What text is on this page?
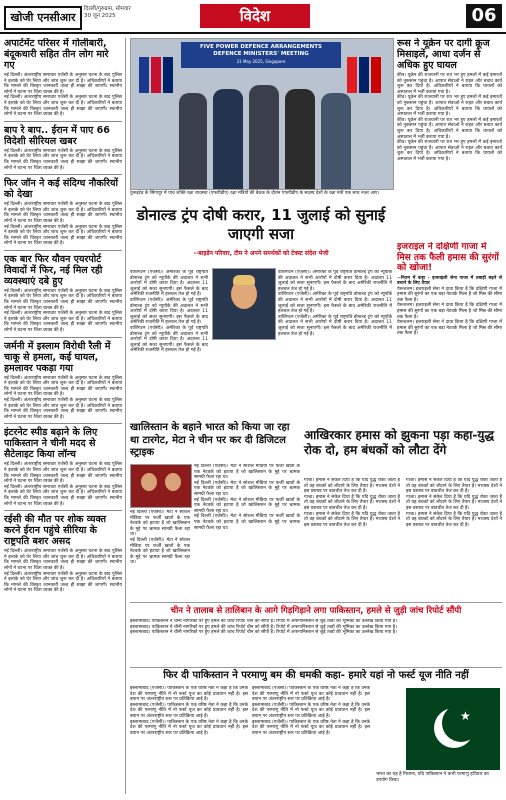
खोजी एनसीआर
दिल्ली/गुरुग्राम, सोमवार
30 जून 2025	विदेश	06
अपार्टमेंट परिसर में गोलीबारी, बंदूकधारी सहित तीन लोग मारे गए
नई दिल्ली। अंतरराष्ट्रीय समाचार एजेंसी के अनुसार घटना के बाद पुलिस ने इलाके को घेर लिया और जांच शुरू कर दी है। अधिकारियों ने बताया कि मामले की विस्तृत जानकारी जल्द ही साझा की जाएगी। स्थानीय लोगों ने घटना पर चिंता व्यक्त की है।
नई दिल्ली। अंतरराष्ट्रीय समाचार एजेंसी के अनुसार घटना के बाद पुलिस ने इलाके को घेर लिया और जांच शुरू कर दी है। अधिकारियों ने बताया कि मामले की विस्तृत जानकारी जल्द ही साझा की जाएगी। स्थानीय लोगों ने घटना पर चिंता व्यक्त की है।
बाप रे बाप.. ईरान में पाए 66 विदेशी सीरियल खबर
नई दिल्ली। अंतरराष्ट्रीय समाचार एजेंसी के अनुसार घटना के बाद पुलिस ने इलाके को घेर लिया और जांच शुरू कर दी है। अधिकारियों ने बताया कि मामले की विस्तृत जानकारी जल्द ही साझा की जाएगी। स्थानीय लोगों ने घटना पर चिंता व्यक्त की है।
फिर जॉन ने कई संदिग्ध नौकरियों को देखा
नई दिल्ली। अंतरराष्ट्रीय समाचार एजेंसी के अनुसार घटना के बाद पुलिस ने इलाके को घेर लिया और जांच शुरू कर दी है। अधिकारियों ने बताया कि मामले की विस्तृत जानकारी जल्द ही साझा की जाएगी। स्थानीय लोगों ने घटना पर चिंता व्यक्त की है।
नई दिल्ली। अंतरराष्ट्रीय समाचार एजेंसी के अनुसार घटना के बाद पुलिस ने इलाके को घेर लिया और जांच शुरू कर दी है। अधिकारियों ने बताया कि मामले की विस्तृत जानकारी जल्द ही साझा की जाएगी। स्थानीय लोगों ने घटना पर चिंता व्यक्त की है।
एक बार फिर यौवन एयरपोर्ट विवादों में फिर, नई मिल रही व्यवस्थाएं दबे हुए
नई दिल्ली। अंतरराष्ट्रीय समाचार एजेंसी के अनुसार घटना के बाद पुलिस ने इलाके को घेर लिया और जांच शुरू कर दी है। अधिकारियों ने बताया कि मामले की विस्तृत जानकारी जल्द ही साझा की जाएगी। स्थानीय लोगों ने घटना पर चिंता व्यक्त की है।
नई दिल्ली। अंतरराष्ट्रीय समाचार एजेंसी के अनुसार घटना के बाद पुलिस ने इलाके को घेर लिया और जांच शुरू कर दी है। अधिकारियों ने बताया कि मामले की विस्तृत जानकारी जल्द ही साझा की जाएगी। स्थानीय लोगों ने घटना पर चिंता व्यक्त की है।
जर्मनी में इस्लाम विरोधी रैली में चाकू से हमला, कई घायल, हमलावर पकड़ा गया
नई दिल्ली। अंतरराष्ट्रीय समाचार एजेंसी के अनुसार घटना के बाद पुलिस ने इलाके को घेर लिया और जांच शुरू कर दी है। अधिकारियों ने बताया कि मामले की विस्तृत जानकारी जल्द ही साझा की जाएगी। स्थानीय लोगों ने घटना पर चिंता व्यक्त की है।
नई दिल्ली। अंतरराष्ट्रीय समाचार एजेंसी के अनुसार घटना के बाद पुलिस ने इलाके को घेर लिया और जांच शुरू कर दी है। अधिकारियों ने बताया कि मामले की विस्तृत जानकारी जल्द ही साझा की जाएगी। स्थानीय लोगों ने घटना पर चिंता व्यक्त की है।
इंटरनेट स्पीड बढ़ाने के लिए पाकिस्तान ने चीनी मदद से सैटेलाइट किया लॉन्च
नई दिल्ली। अंतरराष्ट्रीय समाचार एजेंसी के अनुसार घटना के बाद पुलिस ने इलाके को घेर लिया और जांच शुरू कर दी है। अधिकारियों ने बताया कि मामले की विस्तृत जानकारी जल्द ही साझा की जाएगी। स्थानीय लोगों ने घटना पर चिंता व्यक्त की है।
नई दिल्ली। अंतरराष्ट्रीय समाचार एजेंसी के अनुसार घटना के बाद पुलिस ने इलाके को घेर लिया और जांच शुरू कर दी है। अधिकारियों ने बताया कि मामले की विस्तृत जानकारी जल्द ही साझा की जाएगी। स्थानीय लोगों ने घटना पर चिंता व्यक्त की है।
रईसी की मौत पर शोक व्यक्त करने ईरान पहुंचे सीरिया के राष्ट्रपति बशर असद
नई दिल्ली। अंतरराष्ट्रीय समाचार एजेंसी के अनुसार घटना के बाद पुलिस ने इलाके को घेर लिया और जांच शुरू कर दी है। अधिकारियों ने बताया कि मामले की विस्तृत जानकारी जल्द ही साझा की जाएगी। स्थानीय लोगों ने घटना पर चिंता व्यक्त की है।
नई दिल्ली। अंतरराष्ट्रीय समाचार एजेंसी के अनुसार घटना के बाद पुलिस ने इलाके को घेर लिया और जांच शुरू कर दी है। अधिकारियों ने बताया कि मामले की विस्तृत जानकारी जल्द ही साझा की जाएगी। स्थानीय लोगों ने घटना पर चिंता व्यक्त की है।
FIVE POWER DEFENCE ARRANGEMENTS
DEFENCE MINISTERS' MEETING
31 May 2025, Singapore
युनाइटेड के सिंगापुर में पांच शक्ति रक्षा व्यवस्था (एफपीडीए) रक्षा मंत्रियों की बैठक के दौरान एफपीडीए के सदस्य देशों के रक्षा मंत्री एक साथ नज़र आए।
रूस ने यूक्रेन पर दागी क्रूज मिसाइलें, आधा दर्जन से अधिक हुए घायल
कीव। यूक्रेन की राजधानी पर रात भर हुए हमलों में कई इमारतों को नुकसान पहुंचा है। आपात सेवाओं ने राहत और बचाव कार्य शुरू कर दिया है। अधिकारियों ने बताया कि घायलों को अस्पताल में भर्ती कराया गया है।
कीव। यूक्रेन की राजधानी पर रात भर हुए हमलों में कई इमारतों को नुकसान पहुंचा है। आपात सेवाओं ने राहत और बचाव कार्य शुरू कर दिया है। अधिकारियों ने बताया कि घायलों को अस्पताल में भर्ती कराया गया है।
कीव। यूक्रेन की राजधानी पर रात भर हुए हमलों में कई इमारतों को नुकसान पहुंचा है। आपात सेवाओं ने राहत और बचाव कार्य शुरू कर दिया है। अधिकारियों ने बताया कि घायलों को अस्पताल में भर्ती कराया गया है।
कीव। यूक्रेन की राजधानी पर रात भर हुए हमलों में कई इमारतों को नुकसान पहुंचा है। आपात सेवाओं ने राहत और बचाव कार्य शुरू कर दिया है। अधिकारियों ने बताया कि घायलों को अस्पताल में भर्ती कराया गया है।
डोनाल्ड ट्रंप दोषी करार, 11 जुलाई को सुनाई जाएगी सजा
--बाइडेन परिवार, टीम ने अपने समर्थकों को टेक्स्ट संदेश भेजी
वाशिंगटन (एजेंसी)। अमेरिका के पूर्व राष्ट्रपति डोनाल्ड ट्रंप को न्यूयॉर्क की अदालत ने सभी आरोपों में दोषी करार दिया है। अदालत 11 जुलाई को सजा सुनाएगी। इस फैसले के बाद अमेरिकी राजनीति में हलचल तेज हो गई है।
वाशिंगटन (एजेंसी)। अमेरिका के पूर्व राष्ट्रपति डोनाल्ड ट्रंप को न्यूयॉर्क की अदालत ने सभी आरोपों में दोषी करार दिया है। अदालत 11 जुलाई को सजा सुनाएगी। इस फैसले के बाद अमेरिकी राजनीति में हलचल तेज हो गई है।
वाशिंगटन (एजेंसी)। अमेरिका के पूर्व राष्ट्रपति डोनाल्ड ट्रंप को न्यूयॉर्क की अदालत ने सभी आरोपों में दोषी करार दिया है। अदालत 11 जुलाई को सजा सुनाएगी। इस फैसले के बाद अमेरिकी राजनीति में हलचल तेज हो गई है।
वाशिंगटन (एजेंसी)। अमेरिका के पूर्व राष्ट्रपति डोनाल्ड ट्रंप को न्यूयॉर्क की अदालत ने सभी आरोपों में दोषी करार दिया है। अदालत 11 जुलाई को सजा सुनाएगी। इस फैसले के बाद अमेरिकी राजनीति में हलचल तेज हो गई है।
वाशिंगटन (एजेंसी)। अमेरिका के पूर्व राष्ट्रपति डोनाल्ड ट्रंप को न्यूयॉर्क की अदालत ने सभी आरोपों में दोषी करार दिया है। अदालत 11 जुलाई को सजा सुनाएगी। इस फैसले के बाद अमेरिकी राजनीति में हलचल तेज हो गई है।
वाशिंगटन (एजेंसी)। अमेरिका के पूर्व राष्ट्रपति डोनाल्ड ट्रंप को न्यूयॉर्क की अदालत ने सभी आरोपों में दोषी करार दिया है। अदालत 11 जुलाई को सजा सुनाएगी। इस फैसले के बाद अमेरिकी राजनीति में हलचल तेज हो गई है।
इजराइल ने दक्षिणी गाजा में मिस तक फैली हमास की सुरंगों को खोजा!
--नियम में कहा - इजराइली सेना गाजा में तबाही बढ़ने से बचाने के लिए तैयार
येरूशलम। इजराइली सेना ने दावा किया है कि दक्षिणी गाजा में हमास की सुरंगों का एक बड़ा नेटवर्क मिला है जो मिस्र की सीमा तक फैला है।
येरूशलम। इजराइली सेना ने दावा किया है कि दक्षिणी गाजा में हमास की सुरंगों का एक बड़ा नेटवर्क मिला है जो मिस्र की सीमा तक फैला है।
येरूशलम। इजराइली सेना ने दावा किया है कि दक्षिणी गाजा में हमास की सुरंगों का एक बड़ा नेटवर्क मिला है जो मिस्र की सीमा तक फैला है।
खालिस्तान के बहाने भारत को किया जा रहा था टारगेट, मेटा ने चीन पर कर दी डिजिटल स्ट्राइक
नई दिल्ली (एजेंसी)। मेटा ने सोशल मीडिया पर फर्जी खातों के एक नेटवर्क को हटाया है जो खालिस्तान के मुद्दे पर भ्रामक सामग्री फैला रहा था।
नई दिल्ली (एजेंसी)। मेटा ने सोशल मीडिया पर फर्जी खातों के एक नेटवर्क को हटाया है जो खालिस्तान के मुद्दे पर भ्रामक सामग्री फैला रहा था।
नई दिल्ली (एजेंसी)। मेटा ने सोशल मीडिया पर फर्जी खातों के एक नेटवर्क को हटाया है जो खालिस्तान के मुद्दे पर भ्रामक सामग्री फैला रहा था।
नई दिल्ली (एजेंसी)। मेटा ने सोशल मीडिया पर फर्जी खातों के एक नेटवर्क को हटाया है जो खालिस्तान के मुद्दे पर भ्रामक सामग्री फैला रहा था।
नई दिल्ली (एजेंसी)। मेटा ने सोशल मीडिया पर फर्जी खातों के एक नेटवर्क को हटाया है जो खालिस्तान के मुद्दे पर भ्रामक सामग्री फैला रहा था।
नई दिल्ली (एजेंसी)। मेटा ने सोशल मीडिया पर फर्जी खातों के एक नेटवर्क को हटाया है जो खालिस्तान के मुद्दे पर भ्रामक सामग्री फैला रहा था।
आखिरकार हमास को झुकना पड़ा कहा-युद्ध रोक दो, हम बंधकों को लौटा देंगे
गाजा। हमास ने संकेत दिया है कि यदि युद्ध रोका जाता है तो वह बंधकों को लौटाने के लिए तैयार है। मध्यस्थ देशों ने इस प्रस्ताव पर बातचीत तेज कर दी है।
गाजा। हमास ने संकेत दिया है कि यदि युद्ध रोका जाता है तो वह बंधकों को लौटाने के लिए तैयार है। मध्यस्थ देशों ने इस प्रस्ताव पर बातचीत तेज कर दी है।
गाजा। हमास ने संकेत दिया है कि यदि युद्ध रोका जाता है तो वह बंधकों को लौटाने के लिए तैयार है। मध्यस्थ देशों ने इस प्रस्ताव पर बातचीत तेज कर दी है।
गाजा। हमास ने संकेत दिया है कि यदि युद्ध रोका जाता है तो वह बंधकों को लौटाने के लिए तैयार है। मध्यस्थ देशों ने इस प्रस्ताव पर बातचीत तेज कर दी है।
गाजा। हमास ने संकेत दिया है कि यदि युद्ध रोका जाता है तो वह बंधकों को लौटाने के लिए तैयार है। मध्यस्थ देशों ने इस प्रस्ताव पर बातचीत तेज कर दी है।
गाजा। हमास ने संकेत दिया है कि यदि युद्ध रोका जाता है तो वह बंधकों को लौटाने के लिए तैयार है। मध्यस्थ देशों ने इस प्रस्ताव पर बातचीत तेज कर दी है।
चीन ने तालाब से तालिबान के आगे गिड़गिड़ाने लगा पाकिस्तान, हमले से जुड़ी जांच रिपोर्ट सौंपी
इस्लामाबाद। पाकिस्तान ने चीनी नागरिकों पर हुए हमले की जांच रिपोर्ट चीन को सौंपी है। रिपोर्ट में अफगानिस्तान से जुड़े तत्वों की भूमिका का उल्लेख किया गया है।
इस्लामाबाद। पाकिस्तान ने चीनी नागरिकों पर हुए हमले की जांच रिपोर्ट चीन को सौंपी है। रिपोर्ट में अफगानिस्तान से जुड़े तत्वों की भूमिका का उल्लेख किया गया है।
इस्लामाबाद। पाकिस्तान ने चीनी नागरिकों पर हुए हमले की जांच रिपोर्ट चीन को सौंपी है। रिपोर्ट में अफगानिस्तान से जुड़े तत्वों की भूमिका का उल्लेख किया गया है।
फिर दी पाकिस्तान ने परमाणु बम की धमकी कहा- हमारे यहां नो फर्स्ट यूज नीति नहीं
इस्लामाबाद (एजेंसी)। पाकिस्तान के एक वरिष्ठ नेता ने कहा है कि उनके देश की परमाणु नीति में नो फर्स्ट यूज का कोई प्रावधान नहीं है। इस बयान पर अंतरराष्ट्रीय स्तर पर प्रतिक्रिया आई है।
इस्लामाबाद (एजेंसी)। पाकिस्तान के एक वरिष्ठ नेता ने कहा है कि उनके देश की परमाणु नीति में नो फर्स्ट यूज का कोई प्रावधान नहीं है। इस बयान पर अंतरराष्ट्रीय स्तर पर प्रतिक्रिया आई है।
इस्लामाबाद (एजेंसी)। पाकिस्तान के एक वरिष्ठ नेता ने कहा है कि उनके देश की परमाणु नीति में नो फर्स्ट यूज का कोई प्रावधान नहीं है। इस बयान पर अंतरराष्ट्रीय स्तर पर प्रतिक्रिया आई है।
इस्लामाबाद (एजेंसी)। पाकिस्तान के एक वरिष्ठ नेता ने कहा है कि उनके देश की परमाणु नीति में नो फर्स्ट यूज का कोई प्रावधान नहीं है। इस बयान पर अंतरराष्ट्रीय स्तर पर प्रतिक्रिया आई है।
इस्लामाबाद (एजेंसी)। पाकिस्तान के एक वरिष्ठ नेता ने कहा है कि उनके देश की परमाणु नीति में नो फर्स्ट यूज का कोई प्रावधान नहीं है। इस बयान पर अंतरराष्ट्रीय स्तर पर प्रतिक्रिया आई है।
इस्लामाबाद (एजेंसी)। पाकिस्तान के एक वरिष्ठ नेता ने कहा है कि उनके देश की परमाणु नीति में नो फर्स्ट यूज का कोई प्रावधान नहीं है। इस बयान पर अंतरराष्ट्रीय स्तर पर प्रतिक्रिया आई है।
★
भारत का यह है निशाना, यदि पाकिस्तान ने कभी परमाणु हथियार का उपयोग किया।
